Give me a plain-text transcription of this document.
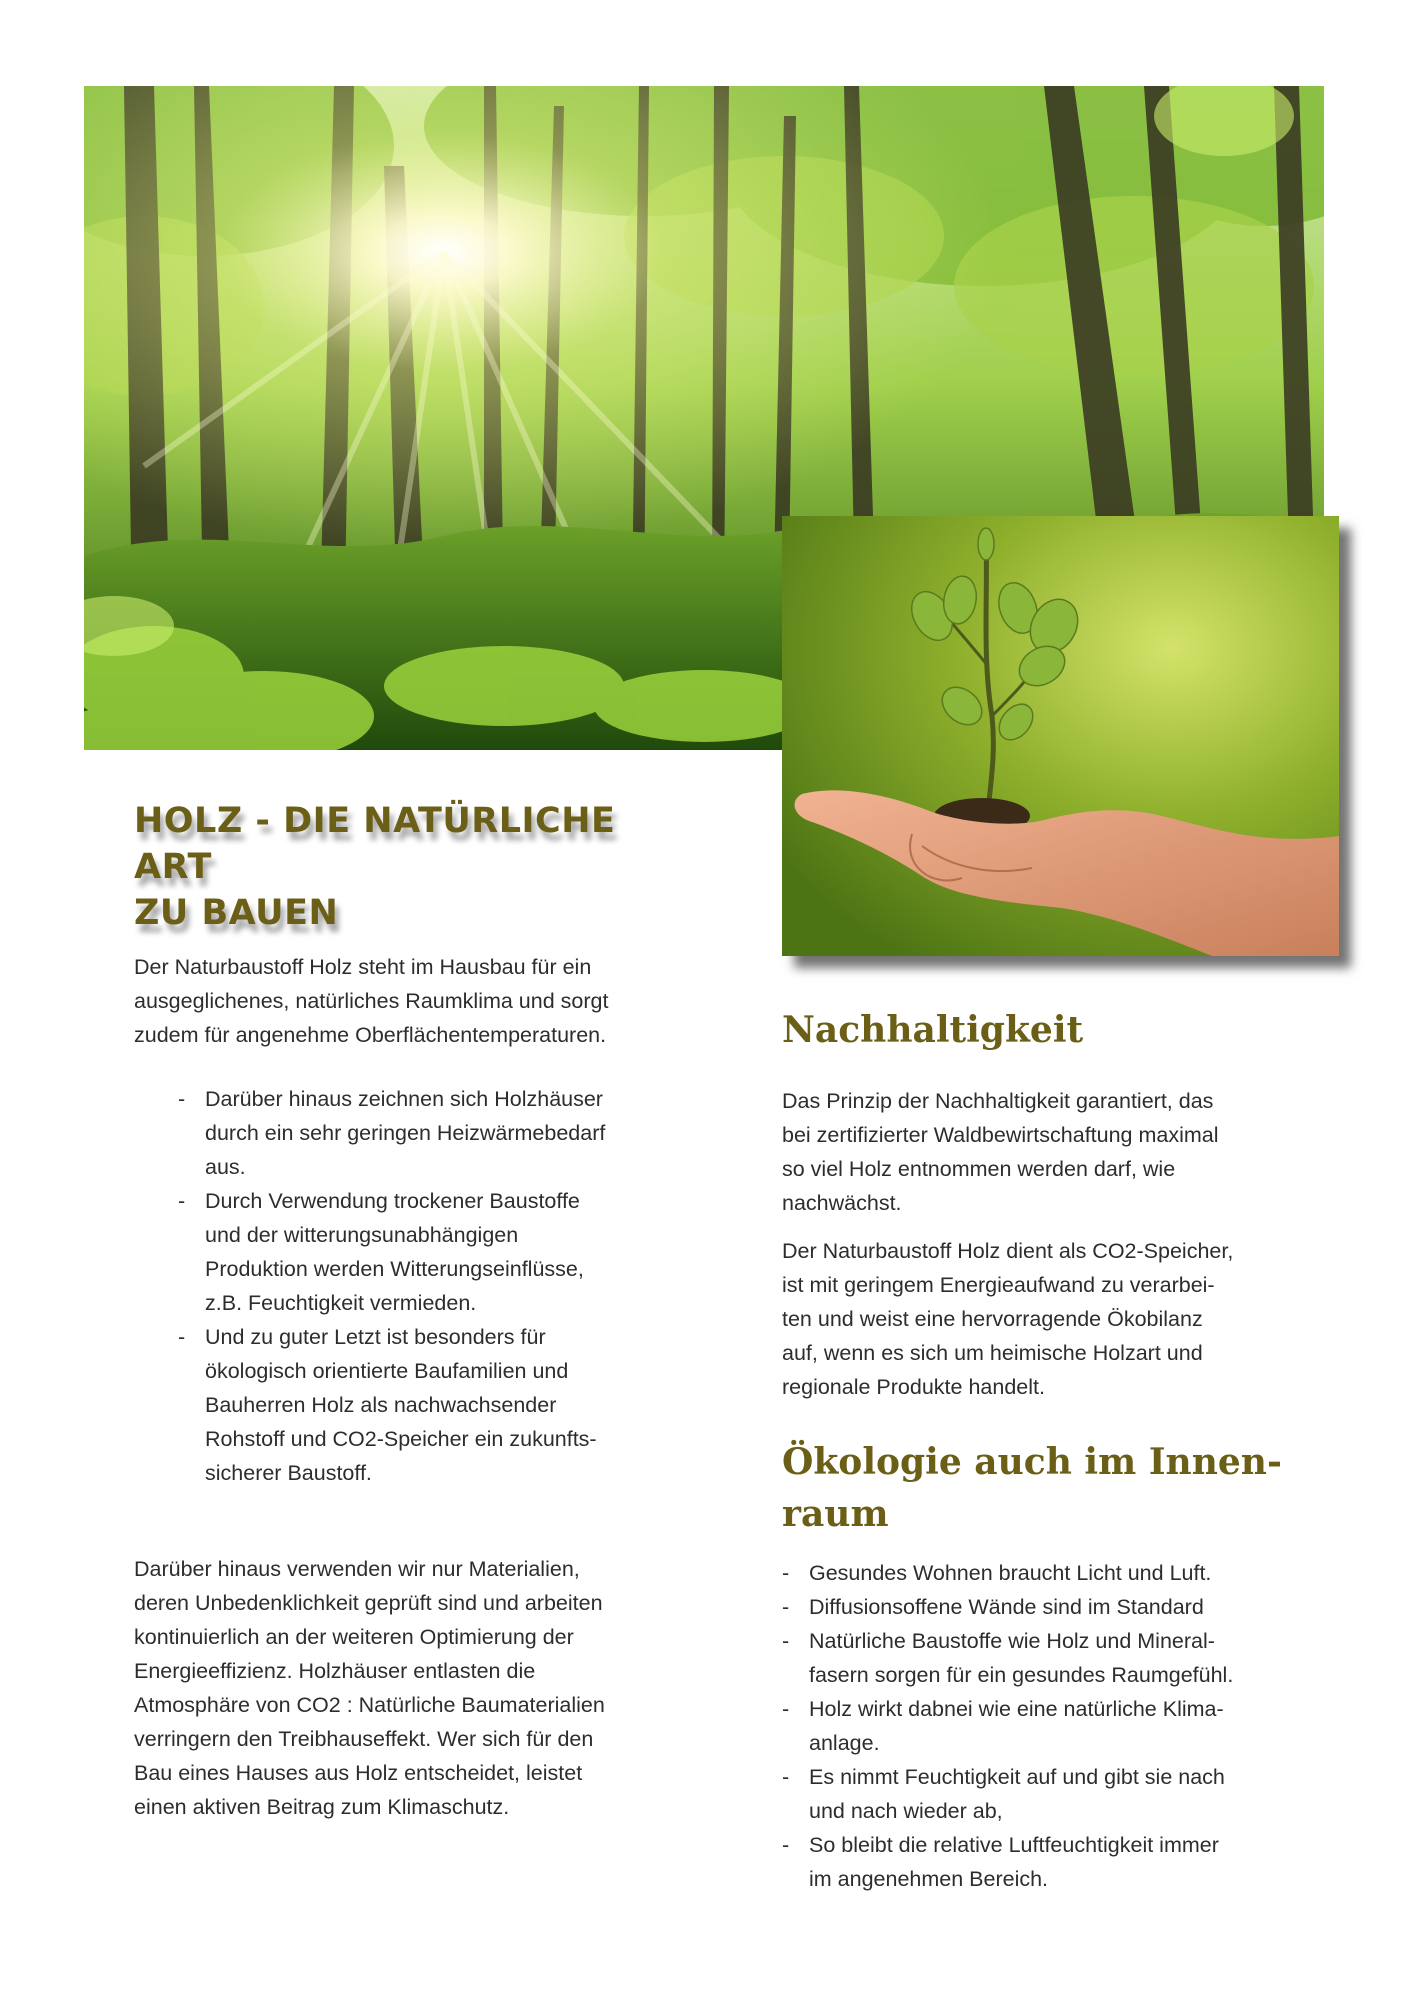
HOLZ - DIE NATÜRLICHE ART
ZU BAUEN

Der Naturbaustoff Holz steht im Hausbau für ein
ausgeglichenes, natürliches Raumklima und sorgt
zudem für angenehme Oberflächentemperaturen.

- Darüber hinaus zeichnen sich Holzhäuser
durch ein sehr geringen Heizwärmebedarf
aus.
- Durch Verwendung trockener Baustoffe
und der witterungsunabhängigen
Produktion werden Witterungseinflüsse,
z.B. Feuchtigkeit vermieden.
- Und zu guter Letzt ist besonders für
ökologisch orientierte Baufamilien und
Bauherren Holz als nachwachsender
Rohstoff und CO2-Speicher ein zukunfts-
sicherer Baustoff.

Darüber hinaus verwenden wir nur Materialien,
deren Unbedenklichkeit geprüft sind und arbeiten
kontinuierlich an der weiteren Optimierung der
Energieeffizienz. Holzhäuser entlasten die
Atmosphäre von CO2 : Natürliche Baumaterialien
verringern den Treibhauseffekt. Wer sich für den
Bau eines Hauses aus Holz entscheidet, leistet
einen aktiven Beitrag zum Klimaschutz.

Nachhaltigkeit

Das Prinzip der Nachhaltigkeit garantiert, das
bei zertifizierter Waldbewirtschaftung maximal
so viel Holz entnommen werden darf, wie
nachwächst.

Der Naturbaustoff Holz dient als CO2-Speicher,
ist mit geringem Energieaufwand zu verarbei-
ten und weist eine hervorragende Ökobilanz
auf, wenn es sich um heimische Holzart und
regionale Produkte handelt.

Ökologie auch im Innen-
raum
- Gesundes Wohnen braucht Licht und Luft.
- Diffusionsoffene Wände sind im Standard
- Natürliche Baustoffe wie Holz und Mineral-
fasern sorgen für ein gesundes Raumgefühl.
- Holz wirkt dabnei wie eine natürliche Klima-
anlage.
- Es nimmt Feuchtigkeit auf und gibt sie nach
und nach wieder ab,
- So bleibt die relative Luftfeuchtigkeit immer
im angenehmen Bereich.
